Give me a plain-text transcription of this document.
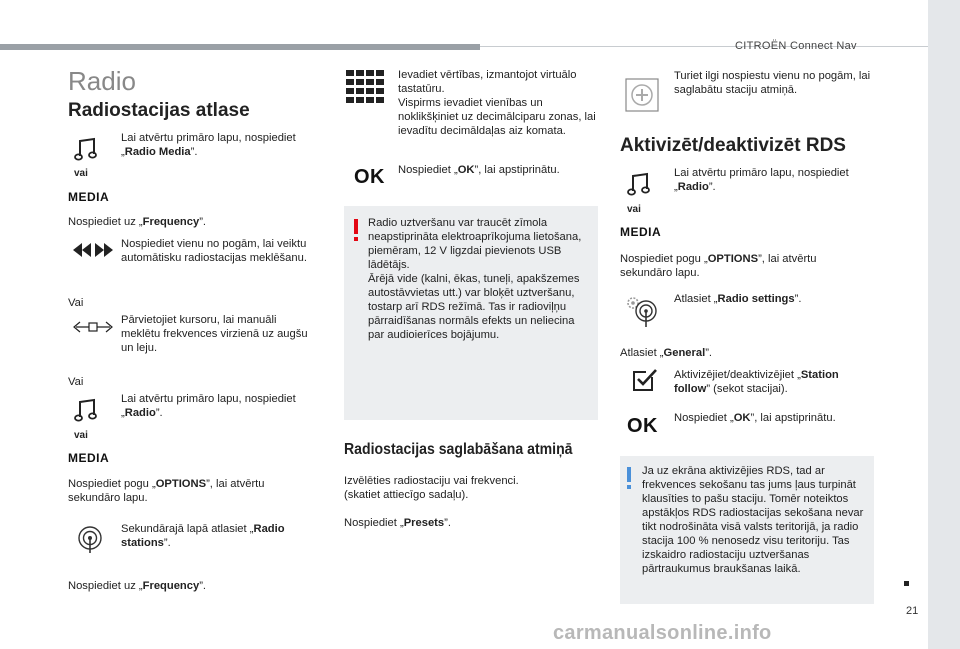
CITROËN Connect Nav
21
carmanualsonline.info
Radio
Radiostacijas atlase
vai
MEDIA
Lai atvērtu primāro lapu, nospiediet „Radio Media”.
Nospiediet uz „Frequency”.
Nospiediet vienu no pogām, lai veiktu automātisku radiostacijas meklēšanu.
Vai
Pārvietojiet kursoru, lai manuāli meklētu frekvences virzienā uz augšu un leju.
Vai
vai
MEDIA
Lai atvērtu primāro lapu, nospiediet „Radio”.
Nospiediet pogu „OPTIONS”, lai atvērtu sekundāro lapu.
Sekundārajā lapā atlasiet „Radio stations”.
Nospiediet uz „Frequency”.
Ievadiet vērtības, izmantojot virtuālo tastatūru.
Vispirms ievadiet vienības un noklikšķiniet uz decimālciparu zonas, lai ievadītu decimāldaļas aiz komata.
OK Nospiediet „OK”, lai apstiprinātu.
Radio uztveršanu var traucēt zīmola neapstiprināta elektroaprīkojuma lietošana, piemēram, 12 V ligzdai pievienots USB lādētājs.
Ārējā vide (kalni, ēkas, tuneļi, apakšzemes autostāvvietas utt.) var bloķēt uztveršanu, tostarp arī RDS režīmā. Tas ir radioviļņu pārraidīšanas normāls efekts un neliecina par audioierīces bojājumu.
Radiostacijas saglabāšana atmiņā
Izvēlēties radiostaciju vai frekvenci.
(skatiet attiecīgo sadaļu).
Nospiediet „Presets”.
Turiet ilgi nospiestu vienu no pogām, lai saglabātu staciju atmiņā.
Aktivizēt/deaktivizēt RDS
vai
MEDIA
Lai atvērtu primāro lapu, nospiediet „Radio”.
Nospiediet pogu „OPTIONS”, lai atvērtu sekundāro lapu.
Atlasiet „Radio settings”.
Atlasiet „General”.
Aktivizējiet/deaktivizējiet „Station follow” (sekot stacijai).
OK Nospiediet „OK”, lai apstiprinātu.
Ja uz ekrāna aktivizējies RDS, tad ar frekvences sekošanu tas jums ļaus turpināt klausīties to pašu staciju. Tomēr noteiktos apstākļos RDS radiostacijas sekošana nevar tikt nodrošināta visā valsts teritorijā, ja radio stacija 100 % nenosedz visu teritoriju. Tas izskaidro radiostaciju uztveršanas pārtraukumus braukšanas laikā.
